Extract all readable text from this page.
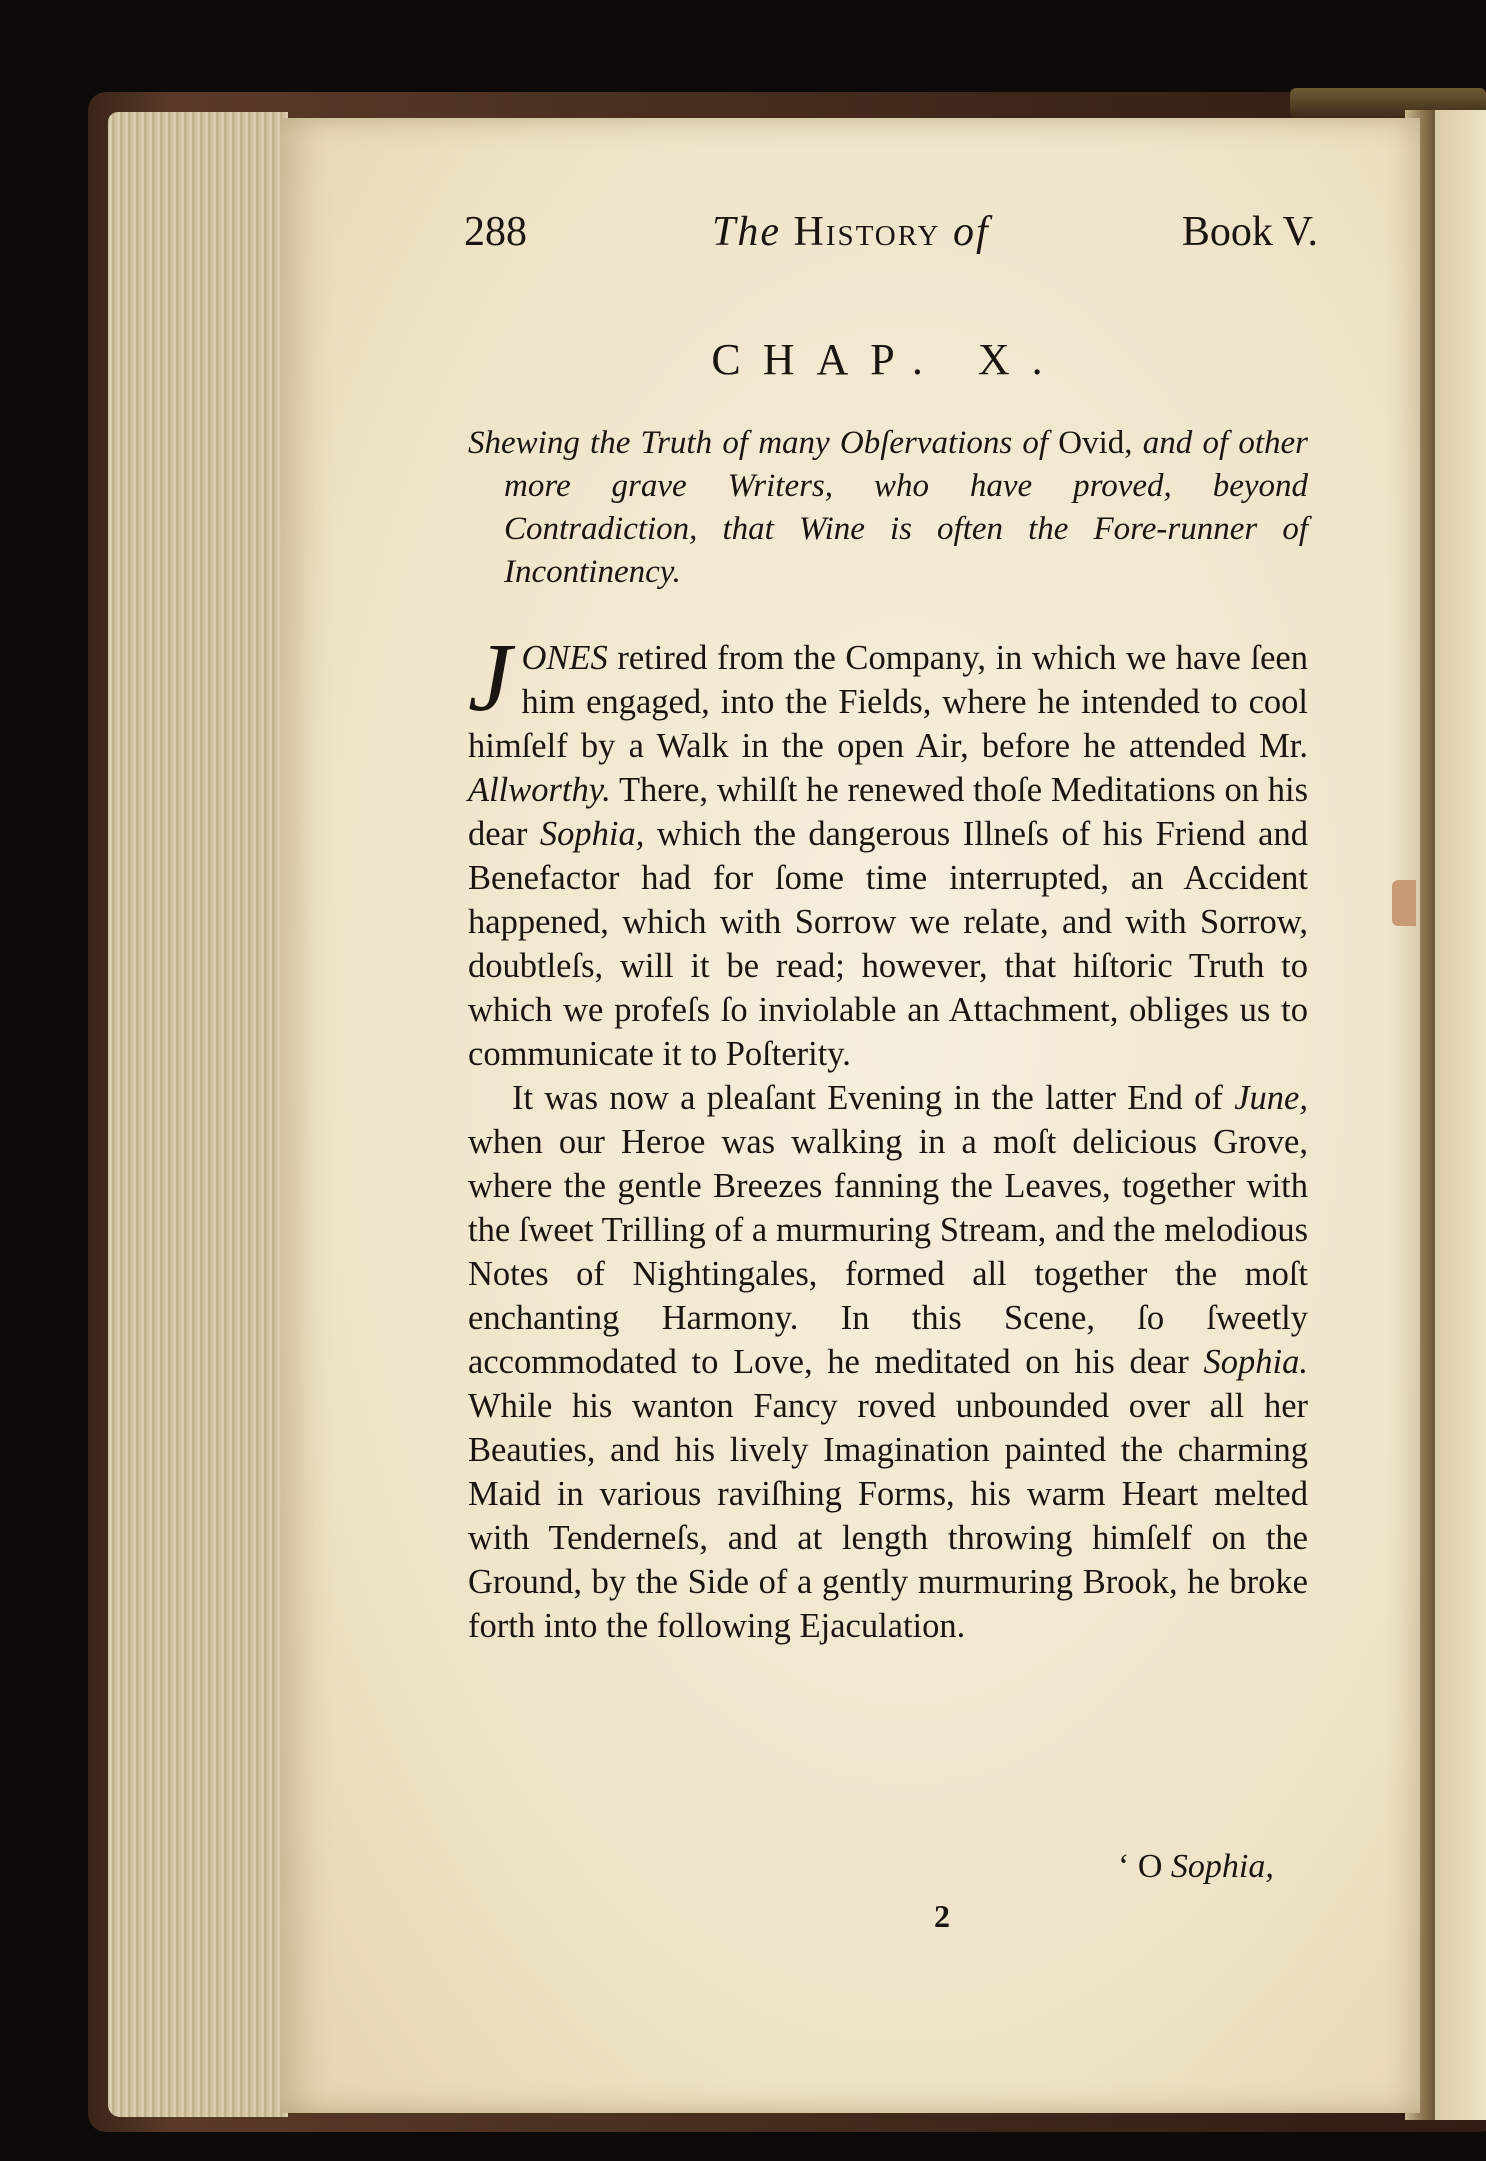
288	The History of	Book V.
CHAP. X.
Shewing the Truth of many Obſervations of Ovid, and of other more grave Writers, who have proved, beyond Contradiction, that Wine is often the Fore-runner of Incontinency.

JONES retired from the Company, in which we have ſeen him engaged, into the Fields, where he intended to cool himſelf by a Walk in the open Air, before he attended Mr. Allworthy. There, whilſt he renewed thoſe Meditations on his dear Sophia, which the dangerous Illneſs of his Friend and Benefactor had for ſome time interrupted, an Accident happened, which with Sorrow we relate, and with Sorrow, doubtleſs, will it be read; however, that hiſtoric Truth to which we profeſs ſo inviolable an Attachment, obliges us to communicate it to Poſterity.

It was now a pleaſant Evening in the latter End of June, when our Heroe was walking in a moſt delicious Grove, where the gentle Breezes fanning the Leaves, together with the ſweet Trilling of a murmuring Stream, and the melodious Notes of Nightingales, formed all together the moſt enchanting Harmony. In this Scene, ſo ſweetly accommodated to Love, he meditated on his dear Sophia. While his wanton Fancy roved unbounded over all her Beauties, and his lively Imagination painted the charming Maid in various raviſhing Forms, his warm Heart melted with Tenderneſs, and at length throwing himſelf on the Ground, by the Side of a gently murmuring Brook, he broke forth into the following Ejaculation.

‘ O Sophia,
2
